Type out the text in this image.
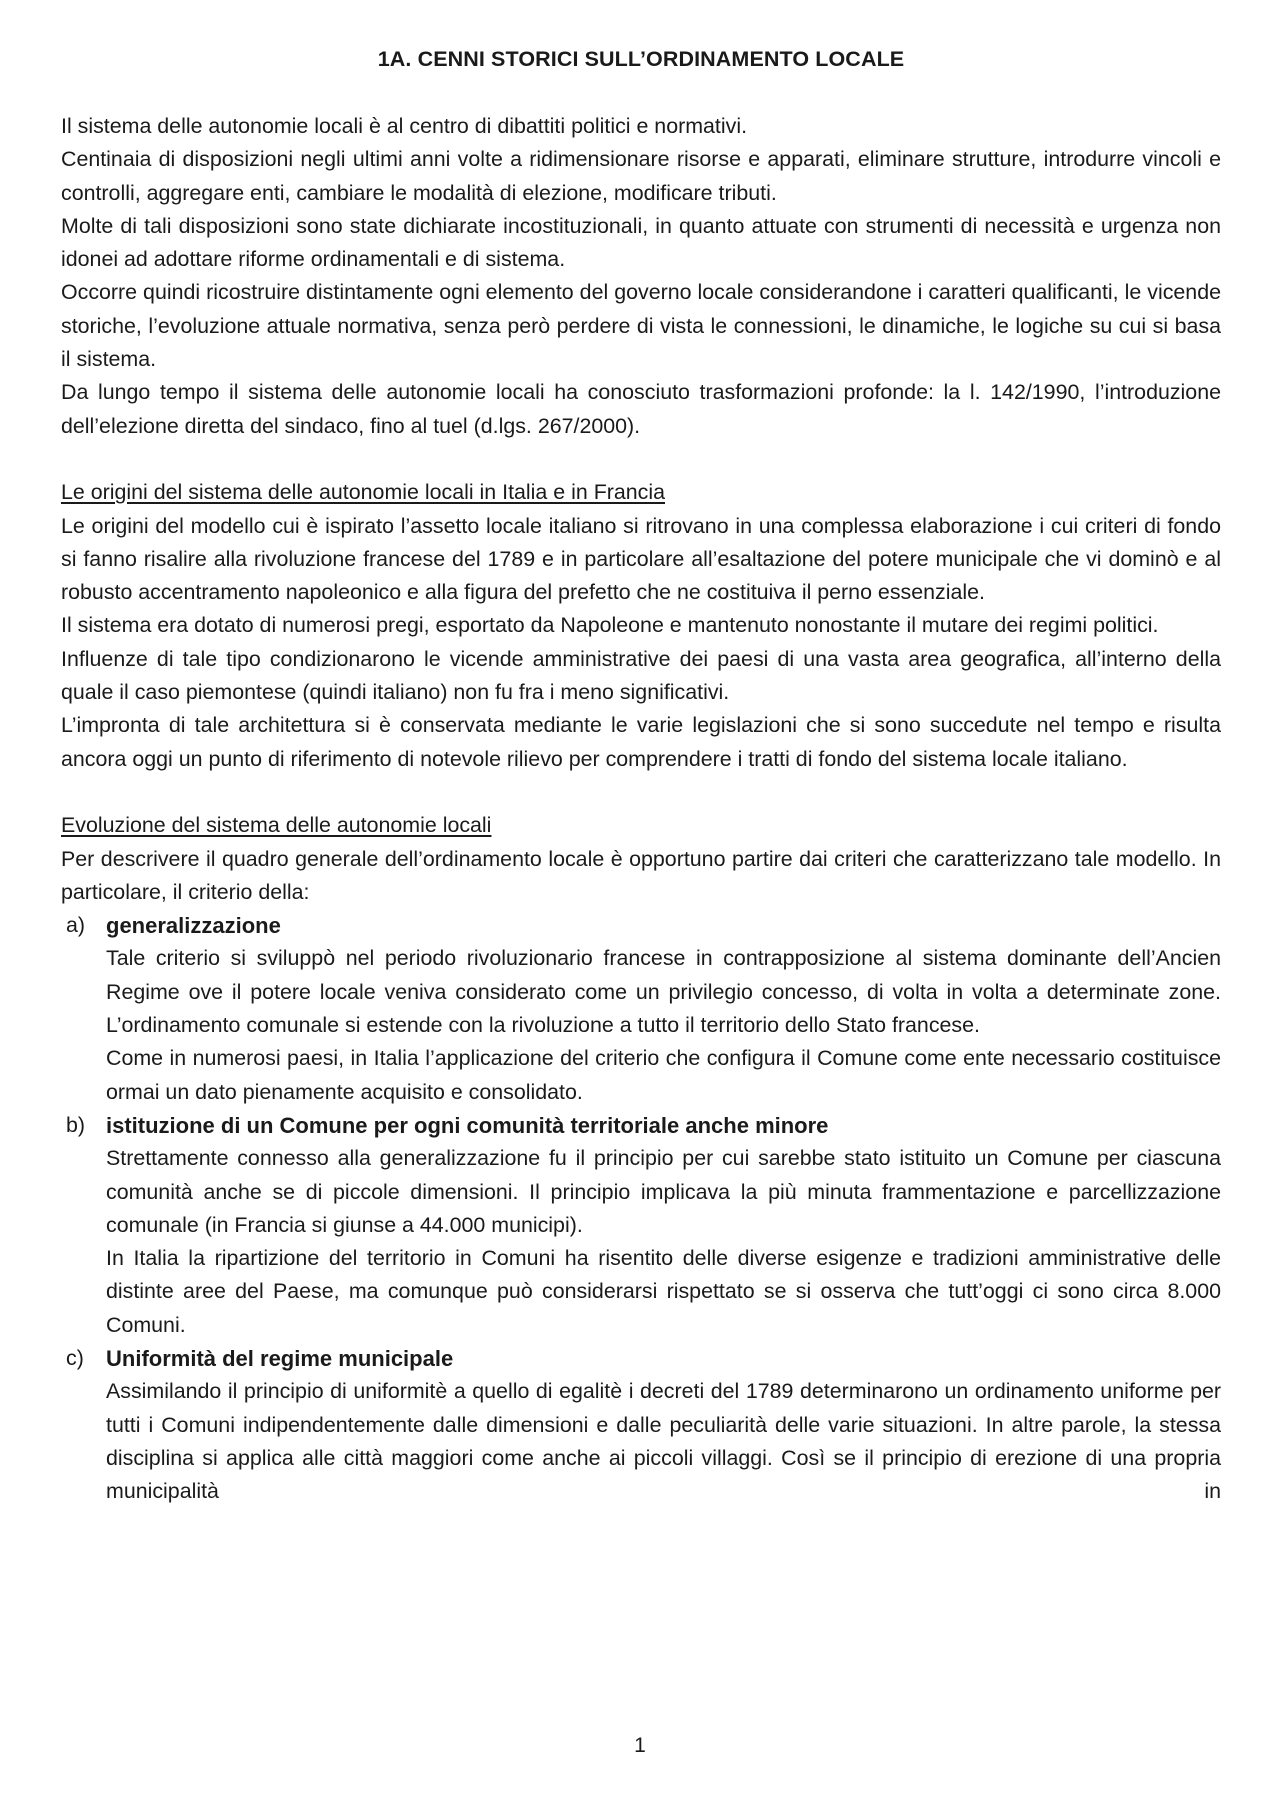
1A. CENNI STORICI SULL’ORDINAMENTO LOCALE

Il sistema delle autonomie locali è al centro di dibattiti politici e normativi.

Centinaia di disposizioni negli ultimi anni volte a ridimensionare risorse e apparati, eliminare strutture, introdurre vincoli e controlli, aggregare enti, cambiare le modalità di elezione, modificare tributi.

Molte di tali disposizioni sono state dichiarate incostituzionali, in quanto attuate con strumenti di necessità e urgenza non idonei ad adottare riforme ordinamentali e di sistema.

Occorre quindi ricostruire distintamente ogni elemento del governo locale considerandone i caratteri qualificanti, le vicende storiche, l’evoluzione attuale normativa, senza però perdere di vista le connessioni, le dinamiche, le logiche su cui si basa il sistema.

Da lungo tempo il sistema delle autonomie locali ha conosciuto trasformazioni profonde: la l. 142/1990, l’introduzione dell’elezione diretta del sindaco, fino al tuel (d.lgs. 267/2000).

Le origini del sistema delle autonomie locali in Italia e in Francia

Le origini del modello cui è ispirato l’assetto locale italiano si ritrovano in una complessa elaborazione i cui criteri di fondo si fanno risalire alla rivoluzione francese del 1789 e in particolare all’esaltazione del potere municipale che vi dominò e al robusto accentramento napoleonico e alla figura del prefetto che ne costituiva il perno essenziale.

Il sistema era dotato di numerosi pregi, esportato da Napoleone e mantenuto nonostante il mutare dei regimi politici.

Influenze di tale tipo condizionarono le vicende amministrative dei paesi di una vasta area geografica, all’interno della quale il caso piemontese (quindi italiano) non fu fra i meno significativi.

L’impronta di tale architettura si è conservata mediante le varie legislazioni che si sono succedute nel tempo e risulta ancora oggi un punto di riferimento di notevole rilievo per comprendere i tratti di fondo del sistema locale italiano.

Evoluzione del sistema delle autonomie locali

Per descrivere il quadro generale dell’ordinamento locale è opportuno partire dai criteri che caratterizzano tale modello. In particolare, il criterio della:

a) generalizzazione

Tale criterio si sviluppò nel periodo rivoluzionario francese in contrapposizione al sistema dominante dell’Ancien Regime ove il potere locale veniva considerato come un privilegio concesso, di volta in volta a determinate zone. L’ordinamento comunale si estende con la rivoluzione a tutto il territorio dello Stato francese.

Come in numerosi paesi, in Italia l’applicazione del criterio che configura il Comune come ente necessario costituisce ormai un dato pienamente acquisito e consolidato.

b) istituzione di un Comune per ogni comunità territoriale anche minore

Strettamente connesso alla generalizzazione fu il principio per cui sarebbe stato istituito un Comune per ciascuna comunità anche se di piccole dimensioni. Il principio implicava la più minuta frammentazione e parcellizzazione comunale (in Francia si giunse a 44.000 municipi).

In Italia la ripartizione del territorio in Comuni ha risentito delle diverse esigenze e tradizioni amministrative delle distinte aree del Paese, ma comunque può considerarsi rispettato se si osserva che tutt’oggi ci sono circa 8.000 Comuni.

c) Uniformità del regime municipale

Assimilando il principio di uniformitè a quello di egalitè i decreti del 1789 determinarono un ordinamento uniforme per tutti i Comuni indipendentemente dalle dimensioni e dalle peculiarità delle varie situazioni. In altre parole, la stessa disciplina si applica alle città maggiori come anche ai piccoli villaggi. Così se il principio di erezione di una propria municipalità in

1
